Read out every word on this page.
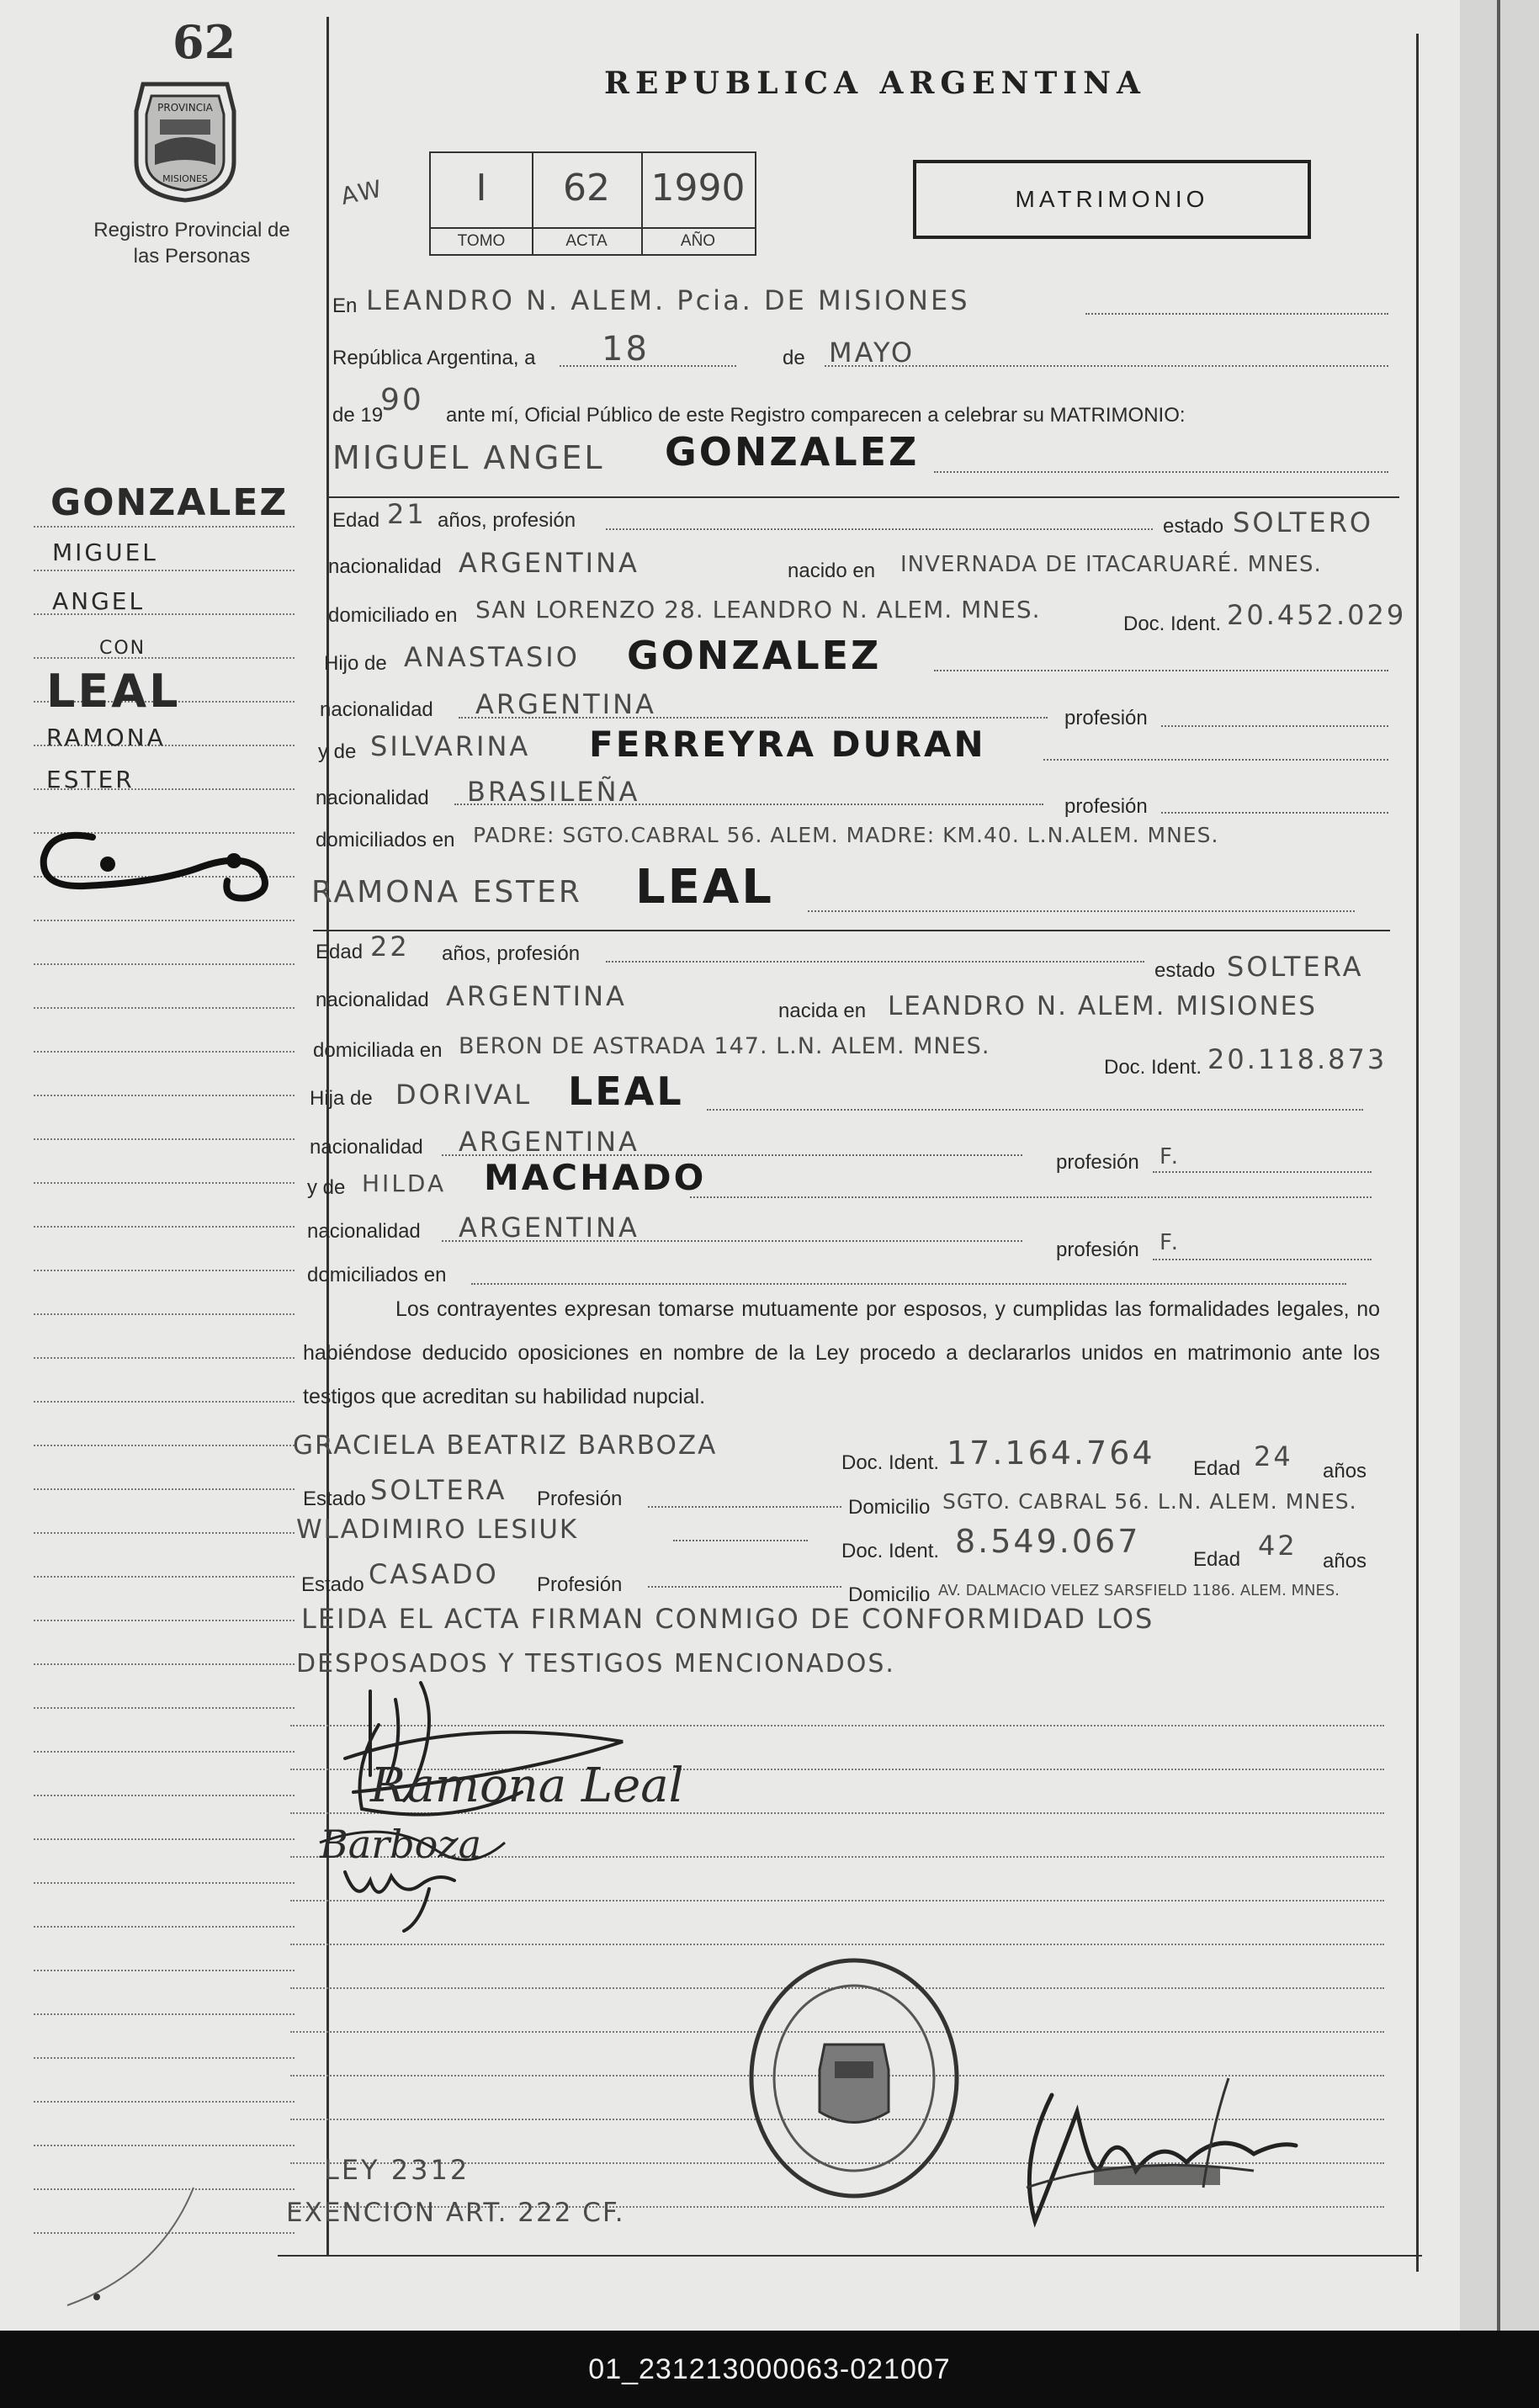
62
PROVINCIA
MISIONES
Registro Provincial de las Personas
REPUBLICA ARGENTINA
AW	I
TOMO
62
ACTA
1990
AÑO
MATRIMONIO
En LEANDRO N. ALEM. Pcia. DE MISIONES
República Argentina, a 18	de MAYO
de 19
90 ante mí, Oficial Público de este Registro comparecen a celebrar su MATRIMONIO:
MIGUEL ANGEL GONZALEZ
Edad 21 años, profesión	estado SOLTERO
nacionalidad ARGENTINA	nacido en INVERNADA DE ITACARUARÉ. MNES.
domiciliado en SAN LORENZO 28. LEANDRO N. ALEM. MNES.
Doc. Ident. 20.452.029
Hijo de ANASTASIO GONZALEZ
nacionalidad ARGENTINA	profesión
y de SILVARINA FERREYRA DURAN
nacionalidad BRASILEÑA	profesión
domiciliados en PADRE: SGTO.CABRAL 56. ALEM. MADRE: KM.40. L.N.ALEM. MNES.
RAMONA ESTER LEAL
Edad 22 años, profesión
estado SOLTERA
nacionalidad ARGENTINA	nacida en LEANDRO N. ALEM. MISIONES
domiciliada en BERON DE ASTRADA 147. L.N. ALEM. MNES.
Doc. Ident. 20.118.873
Hija de DORIVAL LEAL
nacionalidad ARGENTINA
profesión F.
y de HILDA MACHADO
nacionalidad ARGENTINA
profesión F.
domiciliados en
Los contrayentes expresan tomarse mutuamente por esposos, y cumplidas las formalidades legales, no habiéndose deducido oposiciones en nombre de la Ley procedo a declararlos unidos en matrimonio ante los testigos que acreditan su habilidad nupcial.
GRACIELA BEATRIZ BARBOZA
Doc. Ident. 17.164.764 Edad 24 años
Estado SOLTERA Profesión	Domicilio SGTO. CABRAL 56. L.N. ALEM. MNES.
WLADIMIRO LESIUK
Doc. Ident. 8.549.067	Edad 42 años
Estado CASADO Profesión	Domicilio AV. DALMACIO VELEZ SARSFIELD 1186. ALEM. MNES.
LEIDA EL ACTA FIRMAN CONMIGO DE CONFORMIDAD LOS
DESPOSADOS Y TESTIGOS MENCIONADOS.
GONZALEZ
MIGUEL
ANGEL
CON
LEAL
RAMONA
ESTER
Ramona Leal
Barboza
LEY 2312
EXENCION ART. 222 CF.
01_231213000063-021007
